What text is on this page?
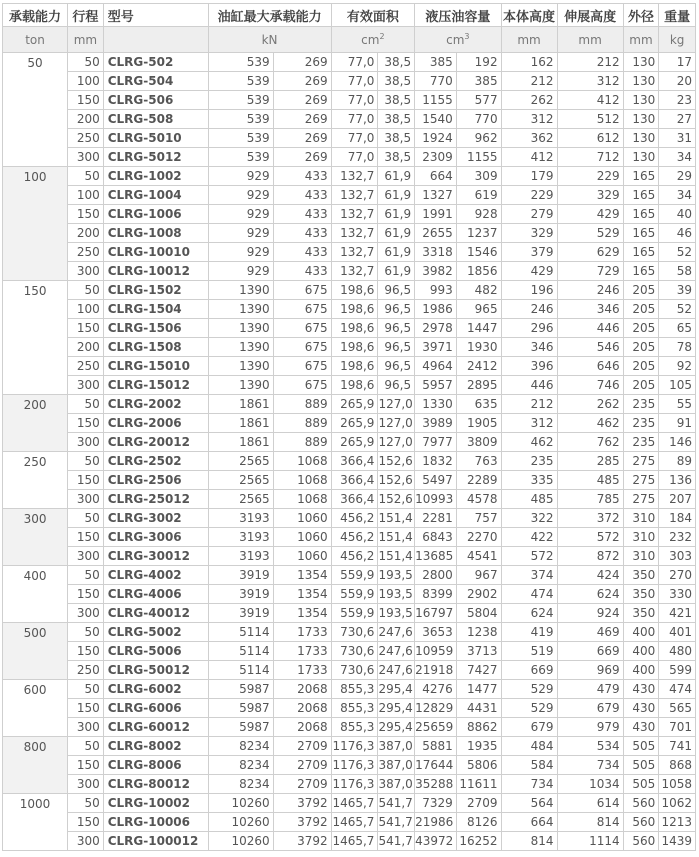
承载能力	行程	型号	油缸最大承载能力		有效面积		液压油容量		本体高度	伸展高度	外径	重量
ton	mm		kN		$cm^2$		$cm^3$		mm	mm	mm	kg
50	50	CLRG-502	539	269	77,0	38,5	385	192	162	212	130	17
	100	CLRG-504	539	269	77,0	38,5	770	385	212	312	130	20
	150	CLRG-506	539	269	77,0	38,5	1155	577	262	412	130	23
	200	CLRG-508	539	269	77,0	38,5	1540	770	312	512	130	27
	250	CLRG-5010	539	269	77,0	38,5	1924	962	362	612	130	31
	300	CLRG-5012	539	269	77,0	38,5	2309	1155	412	712	130	34
100	50	CLRG-1002	929	433	132,7	61,9	664	309	179	229	165	29
	100	CLRG-1004	929	433	132,7	61,9	1327	619	229	329	165	34
	150	CLRG-1006	929	433	132,7	61,9	1991	928	279	429	165	40
	200	CLRG-1008	929	433	132,7	61,9	2655	1237	329	529	165	46
	250	CLRG-10010	929	433	132,7	61,9	3318	1546	379	629	165	52
	300	CLRG-10012	929	433	132,7	61,9	3982	1856	429	729	165	58
150	50	CLRG-1502	1390	675	198,6	96,5	993	482	196	246	205	39
	100	CLRG-1504	1390	675	198,6	96,5	1986	965	246	346	205	52
	150	CLRG-1506	1390	675	198,6	96,5	2978	1447	296	446	205	65
	200	CLRG-1508	1390	675	198,6	96,5	3971	1930	346	546	205	78
	250	CLRG-15010	1390	675	198,6	96,5	4964	2412	396	646	205	92
	300	CLRG-15012	1390	675	198,6	96,5	5957	2895	446	746	205	105
200	50	CLRG-2002	1861	889	265,9	127,0	1330	635	212	262	235	55
	150	CLRG-2006	1861	889	265,9	127,0	3989	1905	312	462	235	91
	300	CLRG-20012	1861	889	265,9	127,0	7977	3809	462	762	235	146
250	50	CLRG-2502	2565	1068	366,4	152,6	1832	763	235	285	275	89
	150	CLRG-2506	2565	1068	366,4	152,6	5497	2289	335	485	275	136
	300	CLRG-25012	2565	1068	366,4	152,6	10993	4578	485	785	275	207
300	50	CLRG-3002	3193	1060	456,2	151,4	2281	757	322	372	310	184
	150	CLRG-3006	3193	1060	456,2	151,4	6843	2270	422	572	310	232
	300	CLRG-30012	3193	1060	456,2	151,4	13685	4541	572	872	310	303
400	50	CLRG-4002	3919	1354	559,9	193,5	2800	967	374	424	350	270
	150	CLRG-4006	3919	1354	559,9	193,5	8399	2902	474	624	350	330
	300	CLRG-40012	3919	1354	559,9	193,5	16797	5804	624	924	350	421
500	50	CLRG-5002	5114	1733	730,6	247,6	3653	1238	419	469	400	401
	150	CLRG-5006	5114	1733	730,6	247,6	10959	3713	519	669	400	480
	250	CLRG-50012	5114	1733	730,6	247,6	21918	7427	669	969	400	599
600	50	CLRG-6002	5987	2068	855,3	295,4	4276	1477	529	479	430	474
	150	CLRG-6006	5987	2068	855,3	295,4	12829	4431	529	679	430	565
	300	CLRG-60012	5987	2068	855,3	295,4	25659	8862	679	979	430	701
800	50	CLRG-8002	8234	2709	1176,3	387,0	5881	1935	484	534	505	741
	150	CLRG-8006	8234	2709	1176,3	387,0	17644	5806	584	734	505	868
	300	CLRG-80012	8234	2709	1176,3	387,0	35288	11611	734	1034	505	1058
1000	50	CLRG-10002	10260	3792	1465,7	541,7	7329	2709	564	614	560	1062
	150	CLRG-10006	10260	3792	1465,7	541,7	21986	8126	664	814	560	1213
	300	CLRG-100012	10260	3792	1465,7	541,7	43972	16252	814	1114	560	1439
